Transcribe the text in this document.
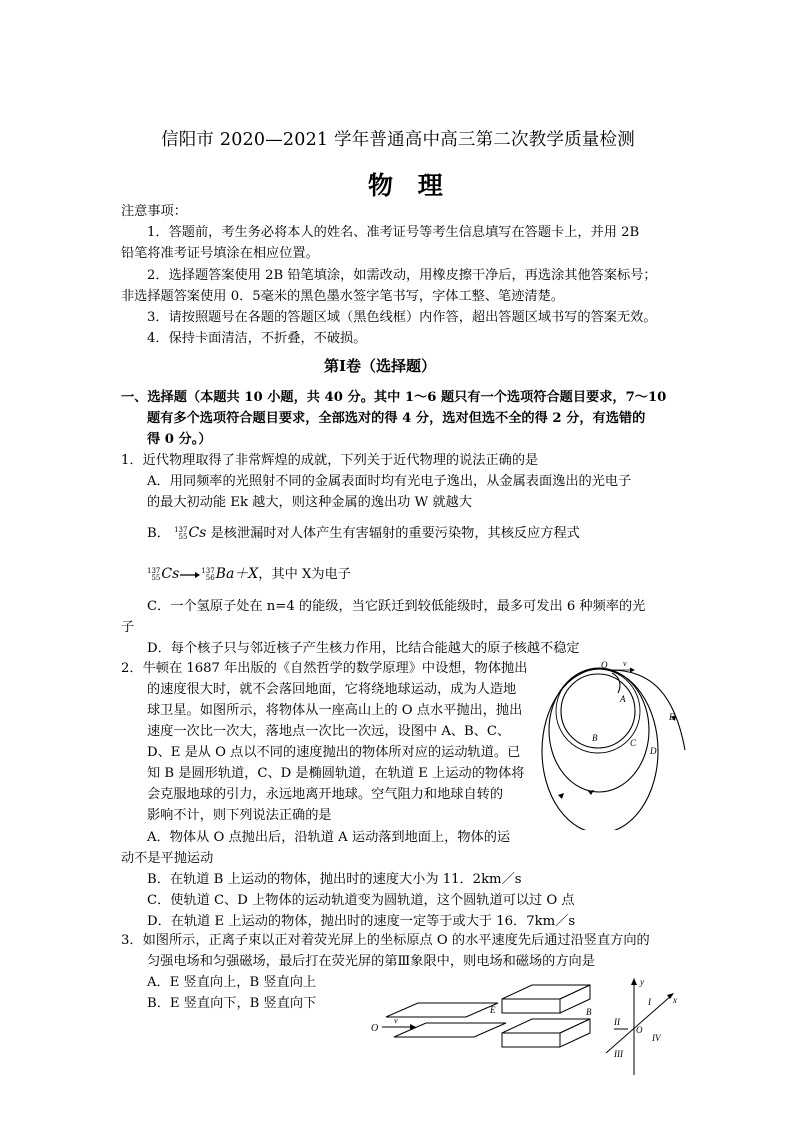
信阳市 2020—2021 学年普通高中高三第二次教学质量检测
物 理
注意事项：
1．答题前，考生务必将本人的姓名、准考证号等考生信息填写在答题卡上，并用 2B
铅笔将准考证号填涂在相应位置。
2．选择题答案使用 2B 铅笔填涂，如需改动，用橡皮擦干净后，再选涂其他答案标号；
非选择题答案使用 0．5毫米的黑色墨水签字笔书写，字体工整、笔迹清楚。
3．请按照题号在各题的答题区域（黑色线框）内作答，超出答题区域书写的答案无效。
4．保持卡面清洁，不折叠，不破损。
第Ⅰ卷（选择题）
一、选择题（本题共 10 小题，共 40 分。其中 1～6 题只有一个选项符合题目要求，7～10
题有多个选项符合题目要求，全部选对的得 4 分，选对但选不全的得 2 分，有选错的
得 0 分。）
1．近代物理取得了非常辉煌的成就，下列关于近代物理的说法正确的是
A．用同频率的光照射不同的金属表面时均有光电子逸出，从金属表面逸出的光电子
的最大初动能 Ek 越大，则这种金属的逸出功 W 就越大
B． 137
55 Cs 是核泄漏时对人体产生有害辐射的重要污染物，其核反应方程式
137
55 Cs→ 137
56 Ba＋X，其中 X为电子
C．一个氢原子处在 n=4 的能级，当它跃迁到较低能级时，最多可发出 6 种频率的光
子
D．每个核子只与邻近核子产生核力作用，比结合能越大的原子核越不稳定
2．牛顿在 1687 年出版的《自然哲学的数学原理》中设想，物体抛出
的速度很大时，就不会落回地面，它将绕地球运动，成为人造地
球卫星。如图所示，将物体从一座高山上的 O 点水平抛出，抛出
速度一次比一次大，落地点一次比一次远，设图中 A、B、C、
D、E 是从 O 点以不同的速度抛出的物体所对应的运动轨道。已
知 B 是圆形轨道，C、D 是椭圆轨道，在轨道 E 上运动的物体将
会克服地球的引力，永远地离开地球。空气阻力和地球自转的
影响不计，则下列说法正确的是
A．物体从 O 点抛出后，沿轨道 A 运动落到地面上，物体的运
动不是平抛运动
B．在轨道 B 上运动的物体，抛出时的速度大小为 11．2km／s
C．使轨道 C、D 上物体的运动轨道变为圆轨道，这个圆轨道可以过 O 点
D．在轨道 E 上运动的物体，抛出时的速度一定等于或大于 16．7km／s
O v
A
B	C
D
E
3．如图所示，正离子束以正对着荧光屏上的坐标原点 O 的水平速度先后通过沿竖直方向的
匀强电场和匀强磁场，最后打在荧光屏的第Ⅲ象限中，则电场和磁场的方向是
A．E 竖直向上，B 竖直向上
B．E 竖直向下，B 竖直向下
O
v
E	B
y
x
O
I
II
III
IV
